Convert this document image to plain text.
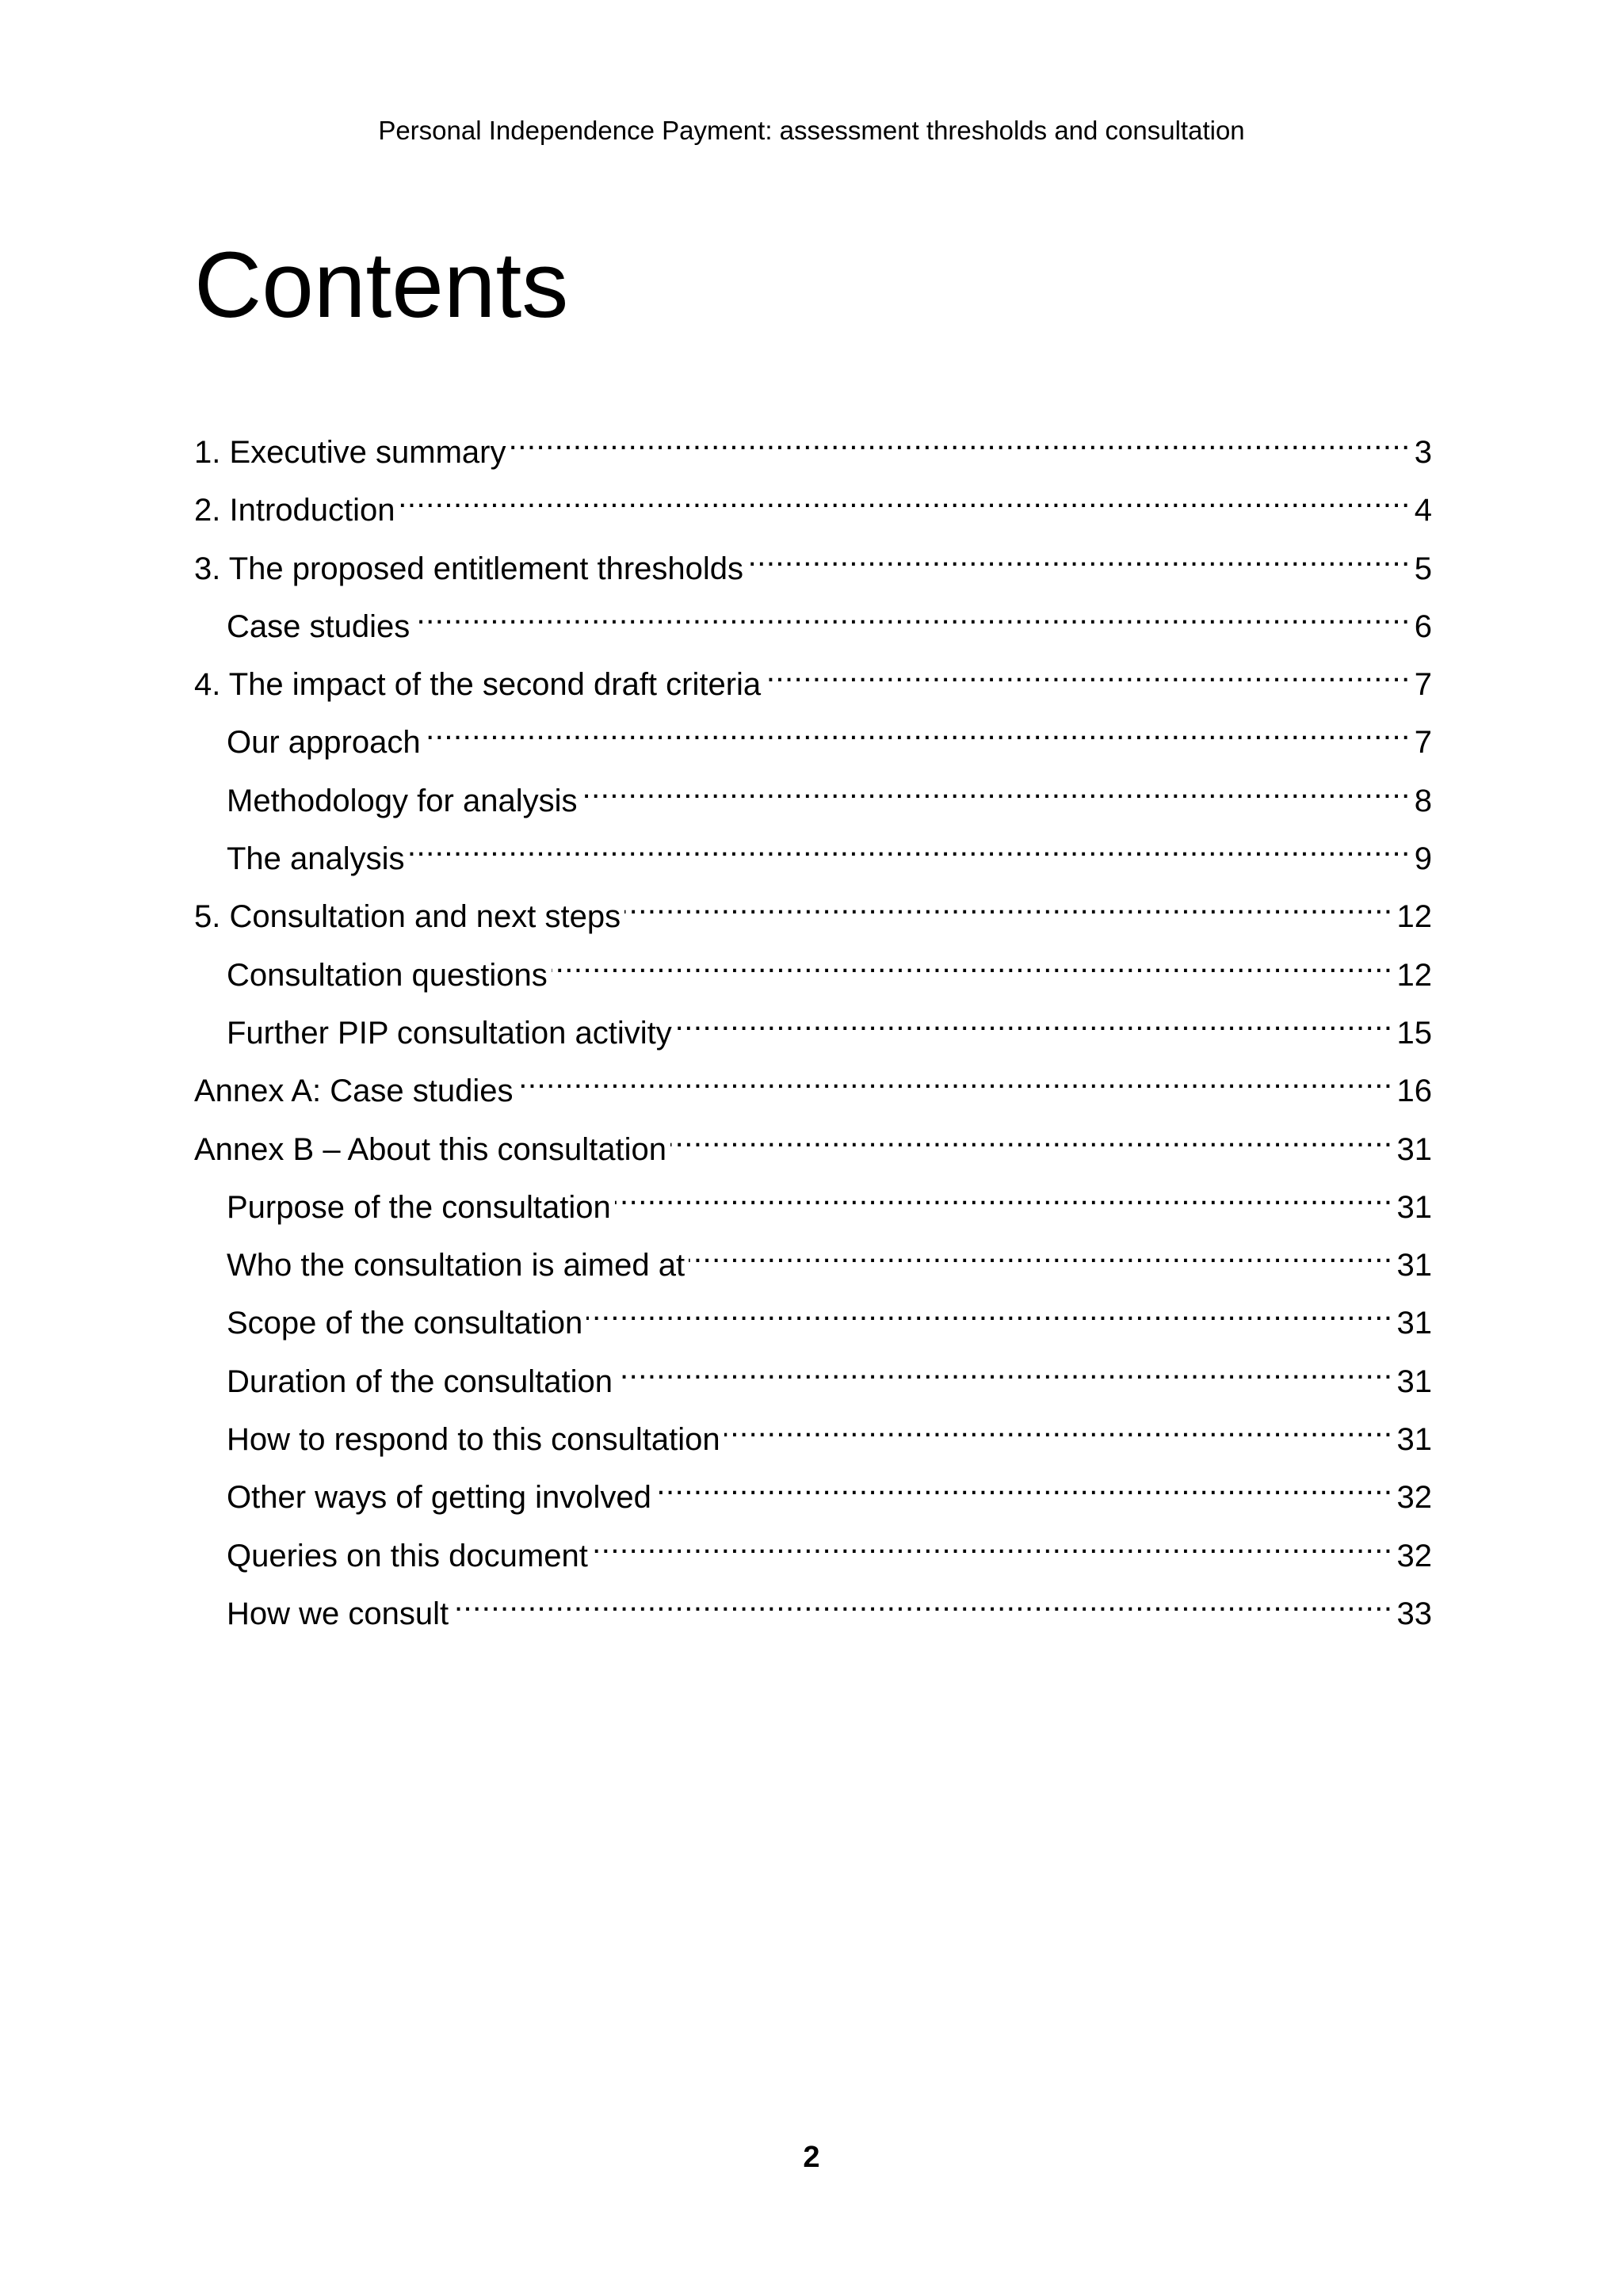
Personal Independence Payment: assessment thresholds and consultation
Contents
1. Executive summary .....	3
2. Introduction .....	4
3. The proposed entitlement thresholds .....	5
Case studies .....	6
4. The impact of the second draft criteria .....	7
Our approach .....	7
Methodology for analysis .....	8
The analysis .....	9
5. Consultation and next steps .....	12
Consultation questions .....	12
Further PIP consultation activity .....	15
Annex A: Case studies .....	16
Annex B – About this consultation .....	31
Purpose of the consultation .....	31
Who the consultation is aimed at .....	31
Scope of the consultation .....	31
Duration of the consultation .....	31
How to respond to this consultation .....	31
Other ways of getting involved .....	32
Queries on this document .....	32
How we consult .....	33
2
